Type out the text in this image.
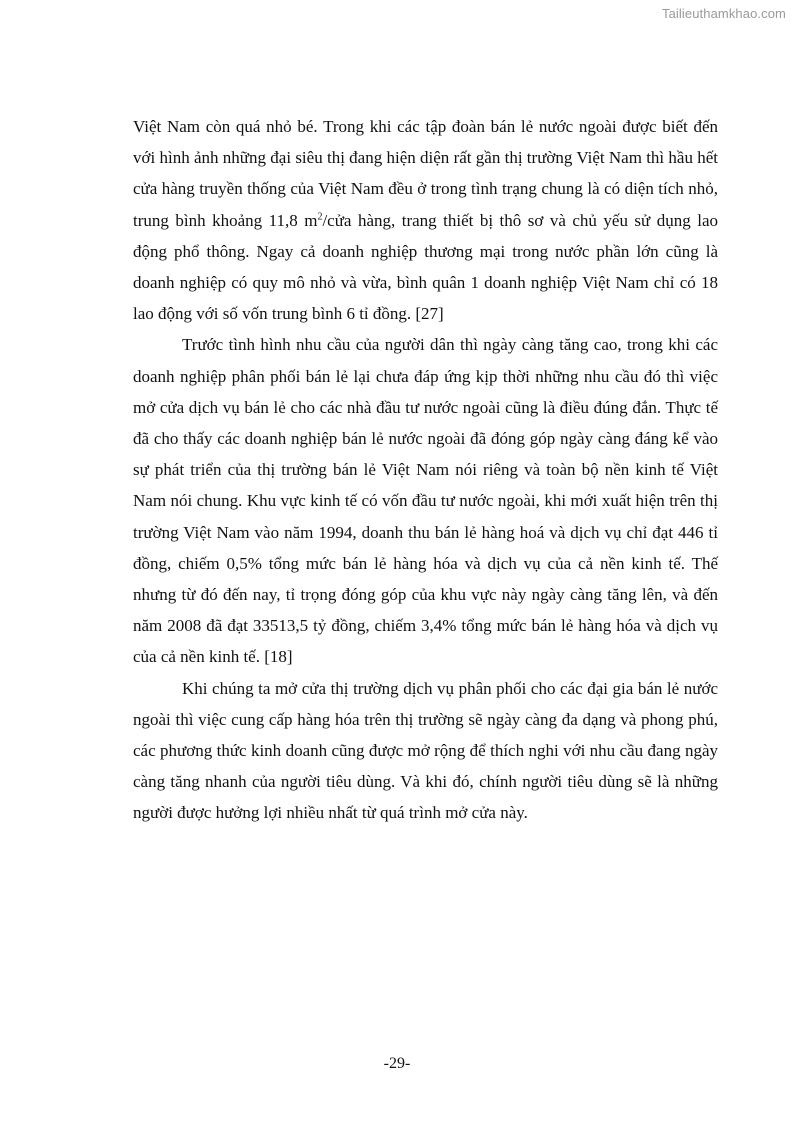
Tailieuthamkhao.com

Việt Nam còn quá nhỏ bé. Trong khi các tập đoàn bán lẻ nước ngoài được biết đến với hình ảnh những đại siêu thị đang hiện diện rất gần thị trường Việt Nam thì hầu hết cửa hàng truyền thống của Việt Nam đều ở trong tình trạng chung là có diện tích nhỏ, trung bình khoảng 11,8 $m^2$/cửa hàng, trang thiết bị thô sơ và chủ yếu sử dụng lao động phổ thông. Ngay cả doanh nghiệp thương mại trong nước phần lớn cũng là doanh nghiệp có quy mô nhỏ và vừa, bình quân 1 doanh nghiệp Việt Nam chỉ có 18 lao động với số vốn trung bình 6 tỉ đồng. [27]

Trước tình hình nhu cầu của người dân thì ngày càng tăng cao, trong khi các doanh nghiệp phân phối bán lẻ lại chưa đáp ứng kịp thời những nhu cầu đó thì việc mở cửa dịch vụ bán lẻ cho các nhà đầu tư nước ngoài cũng là điều đúng đắn. Thực tế đã cho thấy các doanh nghiệp bán lẻ nước ngoài đã đóng góp ngày càng đáng kể vào sự phát triển của thị trường bán lẻ Việt Nam nói riêng và toàn bộ nền kinh tế Việt Nam nói chung. Khu vực kinh tế có vốn đầu tư nước ngoài, khi mới xuất hiện trên thị trường Việt Nam vào năm 1994, doanh thu bán lẻ hàng hoá và dịch vụ chỉ đạt 446 tỉ đồng, chiếm 0,5% tổng mức bán lẻ hàng hóa và dịch vụ của cả nền kinh tế. Thế nhưng từ đó đến nay, tỉ trọng đóng góp của khu vực này ngày càng tăng lên, và đến năm 2008 đã đạt 33513,5 tỷ đồng, chiếm 3,4% tổng mức bán lẻ hàng hóa và dịch vụ của cả nền kinh tế. [18]

Khi chúng ta mở cửa thị trường dịch vụ phân phối cho các đại gia bán lẻ nước ngoài thì việc cung cấp hàng hóa trên thị trường sẽ ngày càng đa dạng và phong phú, các phương thức kinh doanh cũng được mở rộng để thích nghi với nhu cầu đang ngày càng tăng nhanh của người tiêu dùng. Và khi đó, chính người tiêu dùng sẽ là những người được hưởng lợi nhiều nhất từ quá trình mở cửa này.

-29-
